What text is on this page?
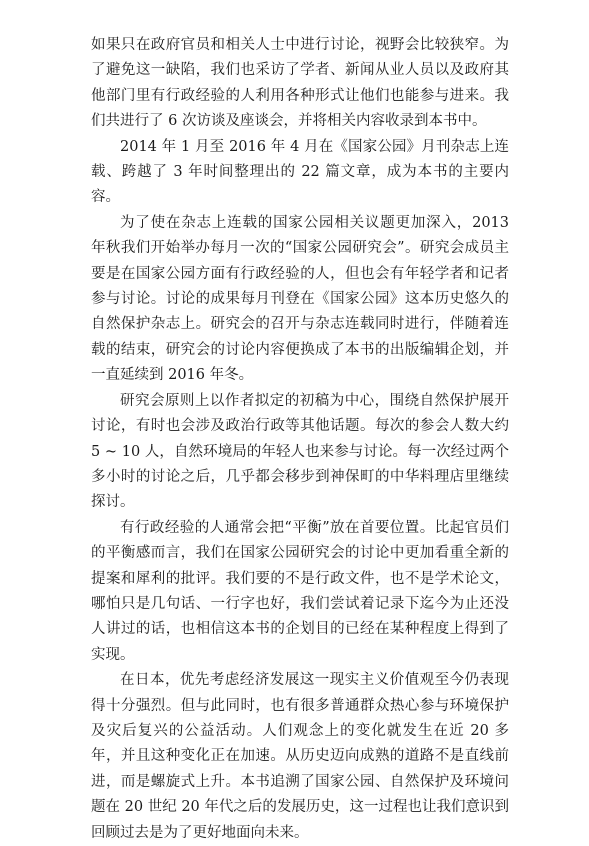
如果只在政府官员和相关人士中进行讨论，视野会比较狭窄。为了避免这一缺陷，我们也采访了学者、新闻从业人员以及政府其他部门里有行政经验的人利用各种形式让他们也能参与进来。我们共进行了 6 次访谈及座谈会，并将相关内容收录到本书中。

2014 年 1 月至 2016 年 4 月在《国家公园》月刊杂志上连载、跨越了 3 年时间整理出的 22 篇文章，成为本书的主要内容。

为了使在杂志上连载的国家公园相关议题更加深入，2013 年秋我们开始举办每月一次的“国家公园研究会”。研究会成员主要是在国家公园方面有行政经验的人，但也会有年轻学者和记者参与讨论。讨论的成果每月刊登在《国家公园》这本历史悠久的自然保护杂志上。研究会的召开与杂志连载同时进行，伴随着连载的结束，研究会的讨论内容便换成了本书的出版编辑企划，并一直延续到 2016 年冬。

研究会原则上以作者拟定的初稿为中心，围绕自然保护展开讨论，有时也会涉及政治行政等其他话题。每次的参会人数大约 5 ~ 10 人，自然环境局的年轻人也来参与讨论。每一次经过两个多小时的讨论之后，几乎都会移步到神保町的中华料理店里继续探讨。

有行政经验的人通常会把“平衡”放在首要位置。比起官员们的平衡感而言，我们在国家公园研究会的讨论中更加看重全新的提案和犀利的批评。我们要的不是行政文件，也不是学术论文，哪怕只是几句话、一行字也好，我们尝试着记录下迄今为止还没人讲过的话，也相信这本书的企划目的已经在某种程度上得到了实现。

在日本，优先考虑经济发展这一现实主义价值观至今仍表现得十分强烈。但与此同时，也有很多普通群众热心参与环境保护及灾后复兴的公益活动。人们观念上的变化就发生在近 20 多年，并且这种变化正在加速。从历史迈向成熟的道路不是直线前进，而是螺旋式上升。本书追溯了国家公园、自然保护及环境问题在 20 世纪 20 年代之后的发展历史，这一过程也让我们意识到回顾过去是为了更好地面向未来。
